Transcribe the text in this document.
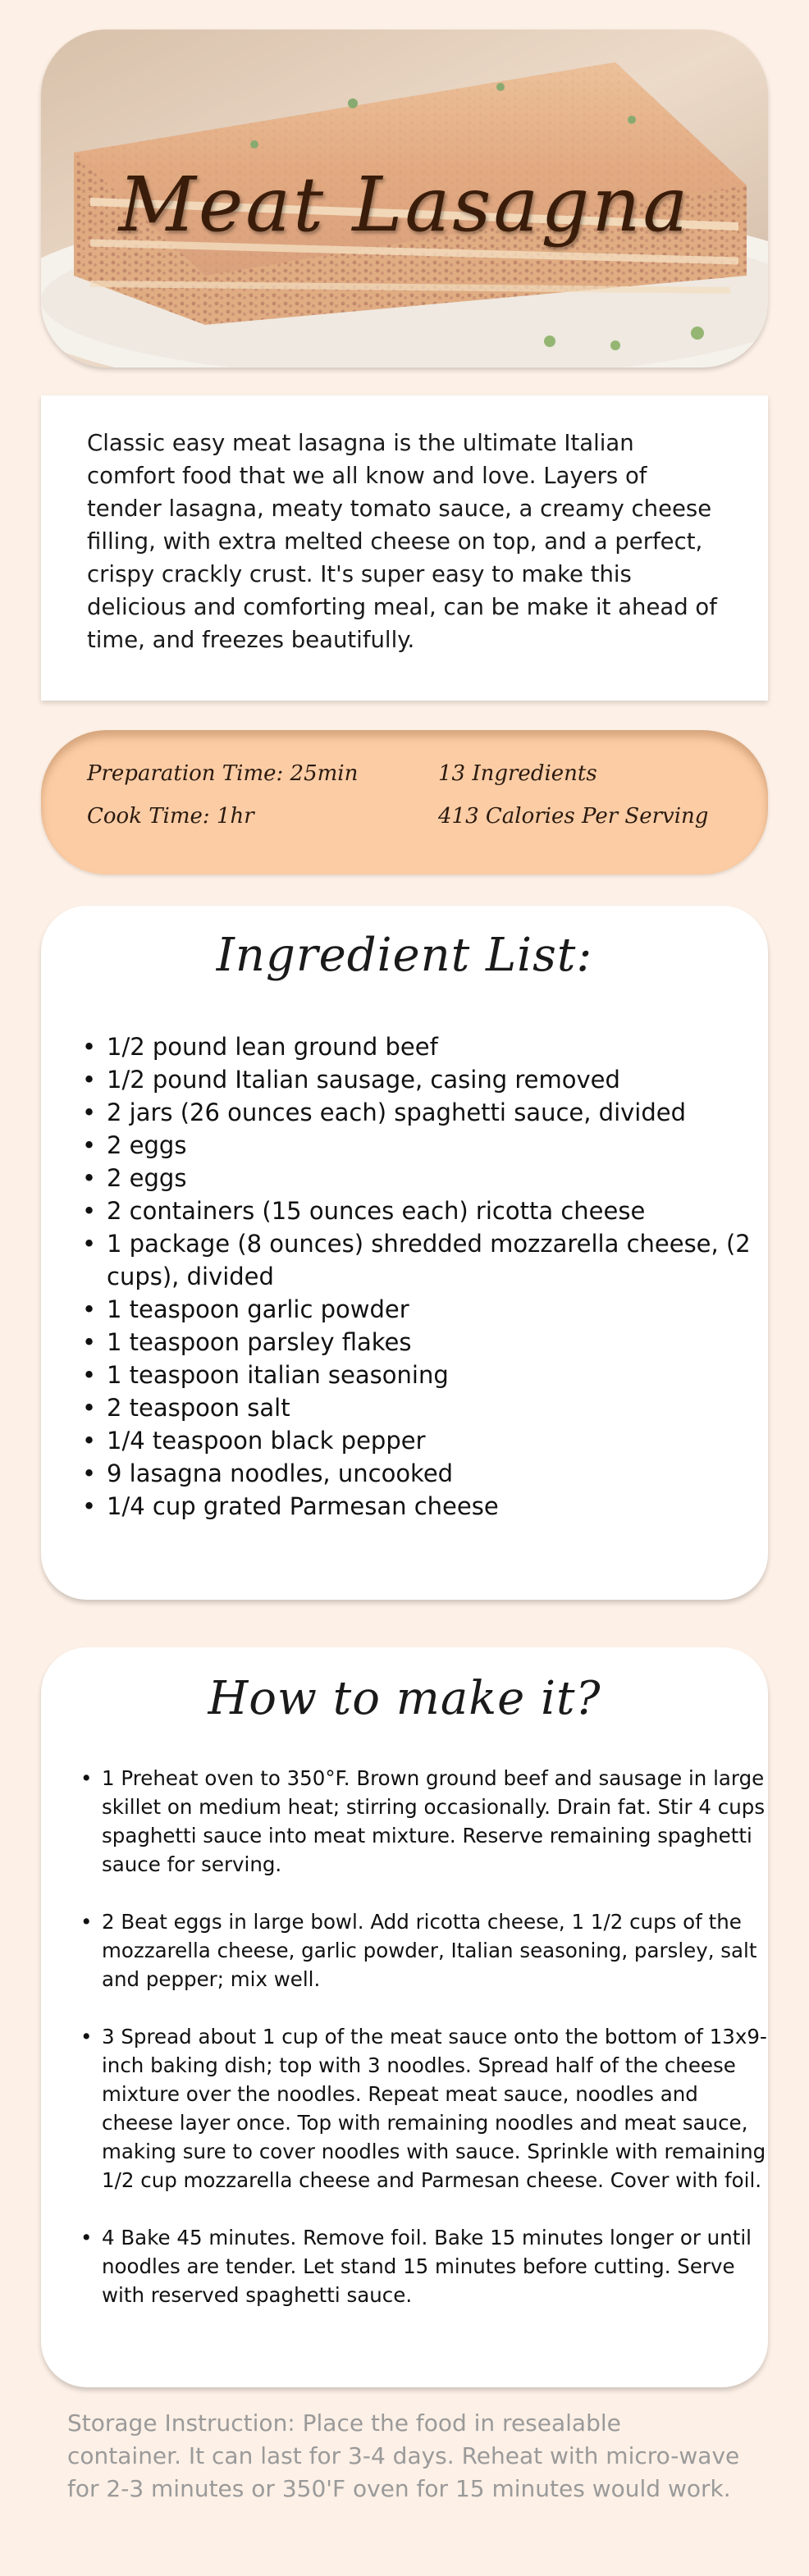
Meat Lasagna
Classic easy meat lasagna is the ultimate Italian comfort food that we all know and love. Layers of tender lasagna, meaty tomato sauce, a creamy cheese filling, with extra melted cheese on top, and a perfect, crispy crackly crust. It's super easy to make this delicious and comforting meal, can be make it ahead of time, and freezes beautifully.
Preparation Time: 25min	13 Ingredients
Cook Time: 1hr	413 Calories Per Serving
Ingredient List:
• 1/2 pound lean ground beef
• 1/2 pound Italian sausage, casing removed
• 2 jars (26 ounces each) spaghetti sauce, divided
• 2 eggs
• 2 eggs
• 2 containers (15 ounces each) ricotta cheese
• 1 package (8 ounces) shredded mozzarella cheese, (2 cups), divided
• 1 teaspoon garlic powder
• 1 teaspoon parsley flakes
• 1 teaspoon italian seasoning
• 2 teaspoon salt
• 1/4 teaspoon black pepper
• 9 lasagna noodles, uncooked
• 1/4 cup grated Parmesan cheese
How to make it?
• 1 Preheat oven to 350°F. Brown ground beef and sausage in large skillet on medium heat; stirring occasionally. Drain fat. Stir 4 cups spaghetti sauce into meat mixture. Reserve remaining spaghetti sauce for serving.
• 2 Beat eggs in large bowl. Add ricotta cheese, 1 1/2 cups of the mozzarella cheese, garlic powder, Italian seasoning, parsley, salt and pepper; mix well.
• 3 Spread about 1 cup of the meat sauce onto the bottom of 13x9-inch baking dish; top with 3 noodles. Spread half of the cheese mixture over the noodles. Repeat meat sauce, noodles and cheese layer once. Top with remaining noodles and meat sauce, making sure to cover noodles with sauce. Sprinkle with remaining 1/2 cup mozzarella cheese and Parmesan cheese. Cover with foil.
• 4 Bake 45 minutes. Remove foil. Bake 15 minutes longer or until noodles are tender. Let stand 15 minutes before cutting. Serve with reserved spaghetti sauce.
Storage Instruction: Place the food in resealable container. It can last for 3-4 days. Reheat with micro-wave for 2-3 minutes or 350'F oven for 15 minutes would work.
